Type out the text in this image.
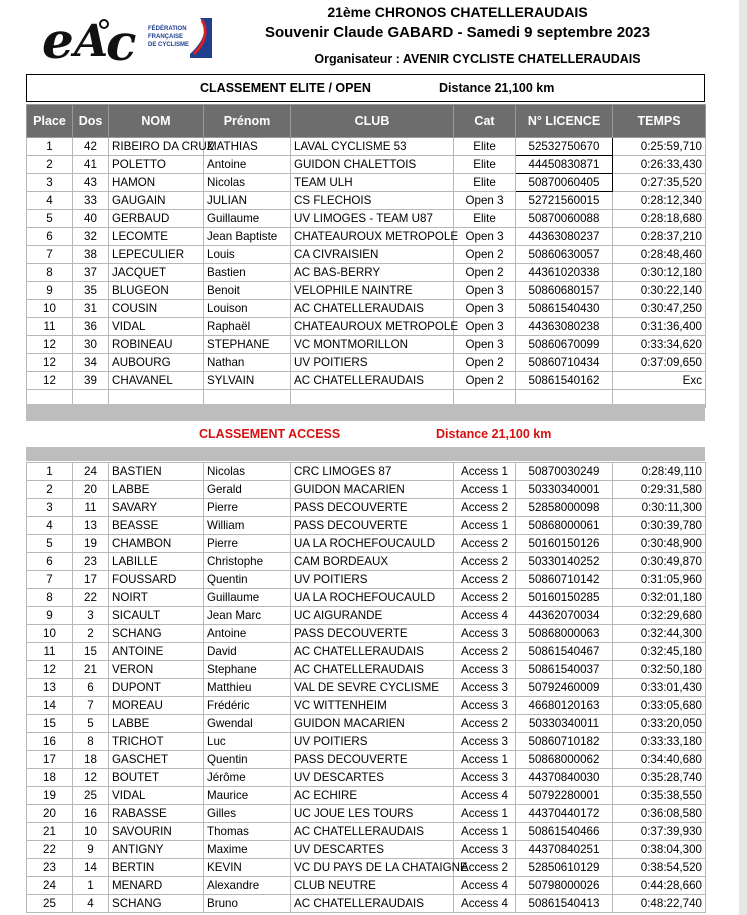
e A
c FÉDÉRATION
FRANÇAISE
DE CYCLISME
21ème CHRONOS CHATELLERAUDAIS
Souvenir Claude GABARD - Samedi 9 septembre 2023
Organisateur : AVENIR CYCLISTE CHATELLERAUDAIS
CLASSEMENT ELITE / OPEN	Distance 21,100 km
Place	Dos	NOM	Prénom	CLUB	Cat	N° LICENCE	TEMPS
1	42	RIBEIRO DA CRUZ	MATHIAS	LAVAL CYCLISME 53	Elite	52532750670	0:25:59,710
2	41	POLETTO	Antoine	GUIDON CHALETTOIS	Elite	44450830871	0:26:33,430
3	43	HAMON	Nicolas	TEAM ULH	Elite	50870060405	0:27:35,520
4	33	GAUGAIN	JULIAN	CS FLECHOIS	Open 3	52721560015	0:28:12,340
5	40	GERBAUD	Guillaume	UV LIMOGES - TEAM U87	Elite	50870060088	0:28:18,680
6	32	LECOMTE	Jean Baptiste	CHATEAUROUX METROPOLE	Open 3	44363080237	0:28:37,210
7	38	LEPECULIER	Louis	CA CIVRAISIEN	Open 2	50860630057	0:28:48,460
8	37	JACQUET	Bastien	AC BAS-BERRY	Open 2	44361020338	0:30:12,180
9	35	BLUGEON	Benoit	VELOPHILE NAINTRE	Open 3	50860680157	0:30:22,140
10	31	COUSIN	Louison	AC CHATELLERAUDAIS	Open 3	50861540430	0:30:47,250
11	36	VIDAL	Raphaël	CHATEAUROUX METROPOLE	Open 3	44363080238	0:31:36,400
12	30	ROBINEAU	STEPHANE	VC MONTMORILLON	Open 3	50860670099	0:33:34,620
12	34	AUBOURG	Nathan	UV POITIERS	Open 2	50860710434	0:37:09,650
12	39	CHAVANEL	SYLVAIN	AC CHATELLERAUDAIS	Open 2	50861540162	Exc

CLASSEMENT ACCESS	Distance 21,100 km
1	24	BASTIEN	Nicolas	CRC LIMOGES 87	Access 1	50870030249	0:28:49,110
2	20	LABBE	Gerald	GUIDON MACARIEN	Access 1	50330340001	0:29:31,580
3	11	SAVARY	Pierre	PASS DECOUVERTE	Access 2	52858000098	0:30:11,300
4	13	BEASSE	William	PASS DECOUVERTE	Access 1	50868000061	0:30:39,780
5	19	CHAMBON	Pierre	UA LA ROCHEFOUCAULD	Access 2	50160150126	0:30:48,900
6	23	LABILLE	Christophe	CAM BORDEAUX	Access 2	50330140252	0:30:49,870
7	17	FOUSSARD	Quentin	UV POITIERS	Access 2	50860710142	0:31:05,960
8	22	NOIRT	Guillaume	UA LA ROCHEFOUCAULD	Access 2	50160150285	0:32:01,180
9	3	SICAULT	Jean Marc	UC AIGURANDE	Access 4	44362070034	0:32:29,680
10	2	SCHANG	Antoine	PASS DECOUVERTE	Access 3	50868000063	0:32:44,300
11	15	ANTOINE	David	AC CHATELLERAUDAIS	Access 2	50861540467	0:32:45,180
12	21	VERON	Stephane	AC CHATELLERAUDAIS	Access 3	50861540037	0:32:50,180
13	6	DUPONT	Matthieu	VAL DE SEVRE CYCLISME	Access 3	50792460009	0:33:01,430
14	7	MOREAU	Frédéric	VC WITTENHEIM	Access 3	46680120163	0:33:05,680
15	5	LABBE	Gwendal	GUIDON MACARIEN	Access 2	50330340011	0:33:20,050
16	8	TRICHOT	Luc	UV POITIERS	Access 3	50860710182	0:33:33,180
17	18	GASCHET	Quentin	PASS DECOUVERTE	Access 1	50868000062	0:34:40,680
18	12	BOUTET	Jérôme	UV DESCARTES	Access 3	44370840030	0:35:28,740
19	25	VIDAL	Maurice	AC ECHIRE	Access 4	50792280001	0:35:38,550
20	16	RABASSE	Gilles	UC JOUE LES TOURS	Access 1	44370440172	0:36:08,580
21	10	SAVOURIN	Thomas	AC CHATELLERAUDAIS	Access 1	50861540466	0:37:39,930
22	9	ANTIGNY	Maxime	UV DESCARTES	Access 3	44370840251	0:38:04,300
23	14	BERTIN	KEVIN	VC DU PAYS DE LA CHATAIGNE	Access 2	52850610129	0:38:54,520
24	1	MENARD	Alexandre	CLUB NEUTRE	Access 4	50798000026	0:44:28,660
25	4	SCHANG	Bruno	AC CHATELLERAUDAIS	Access 4	50861540413	0:48:22,740
